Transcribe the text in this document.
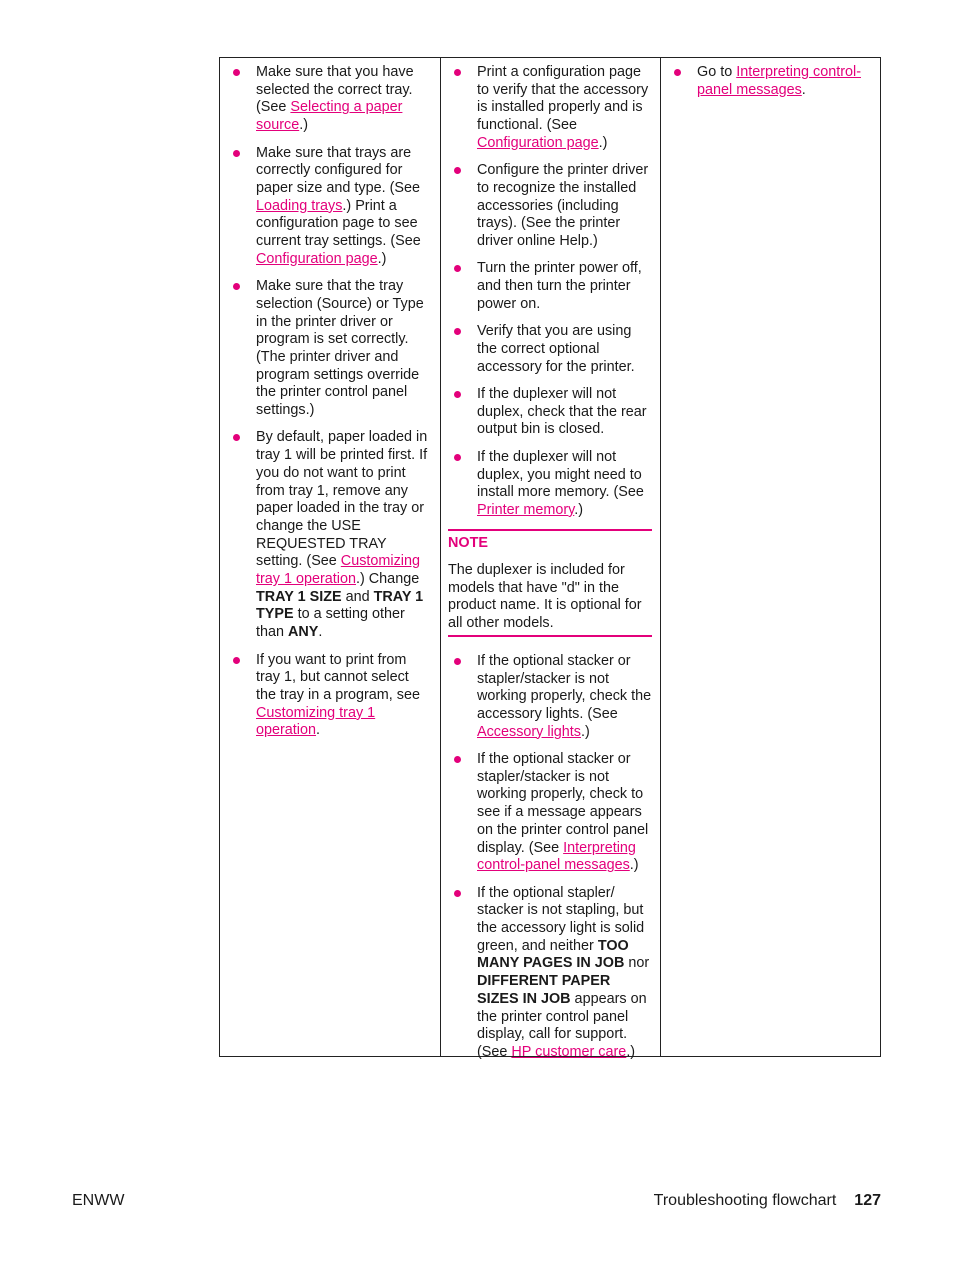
Make sure that you have selected the correct tray. (See Selecting a paper source.)
Make sure that trays are correctly configured for paper size and type. (See Loading trays.) Print a configuration page to see current tray settings. (See Configuration page.)
Make sure that the tray selection (Source) or Type in the printer driver or program is set correctly. (The printer driver and program settings override the printer control panel settings.)
By default, paper loaded in tray 1 will be printed first. If you do not want to print from tray 1, remove any paper loaded in the tray or change the USE REQUESTED TRAY setting. (See Customizing tray 1 operation.) Change TRAY 1 SIZE and TRAY 1 TYPE to a setting other than ANY.
If you want to print from tray 1, but cannot select the tray in a program, see Customizing tray 1 operation.
Print a configuration page to verify that the accessory is installed properly and is functional. (See Configuration page.)
Configure the printer driver to recognize the installed accessories (including trays). (See the printer driver online Help.)
Turn the printer power off, and then turn the printer power on.
Verify that you are using the correct optional accessory for the printer.
If the duplexer will not duplex, check that the rear output bin is closed.
If the duplexer will not duplex, you might need to install more memory. (See Printer memory.)
NOTE
The duplexer is included for models that have "d" in the product name. It is optional for all other models.
If the optional stacker or stapler/stacker is not working properly, check the accessory lights. (See Accessory lights.)
If the optional stacker or stapler/stacker is not working properly, check to see if a message appears on the printer control panel display. (See Interpreting control-panel messages.)
If the optional stapler/ stacker is not stapling, but the accessory light is solid green, and neither TOO MANY PAGES IN JOB nor DIFFERENT PAPER SIZES IN JOB appears on the printer control panel display, call for support. (See HP customer care.)
Go to Interpreting control-panel messages.
ENWW	Troubleshooting flowchart 127
